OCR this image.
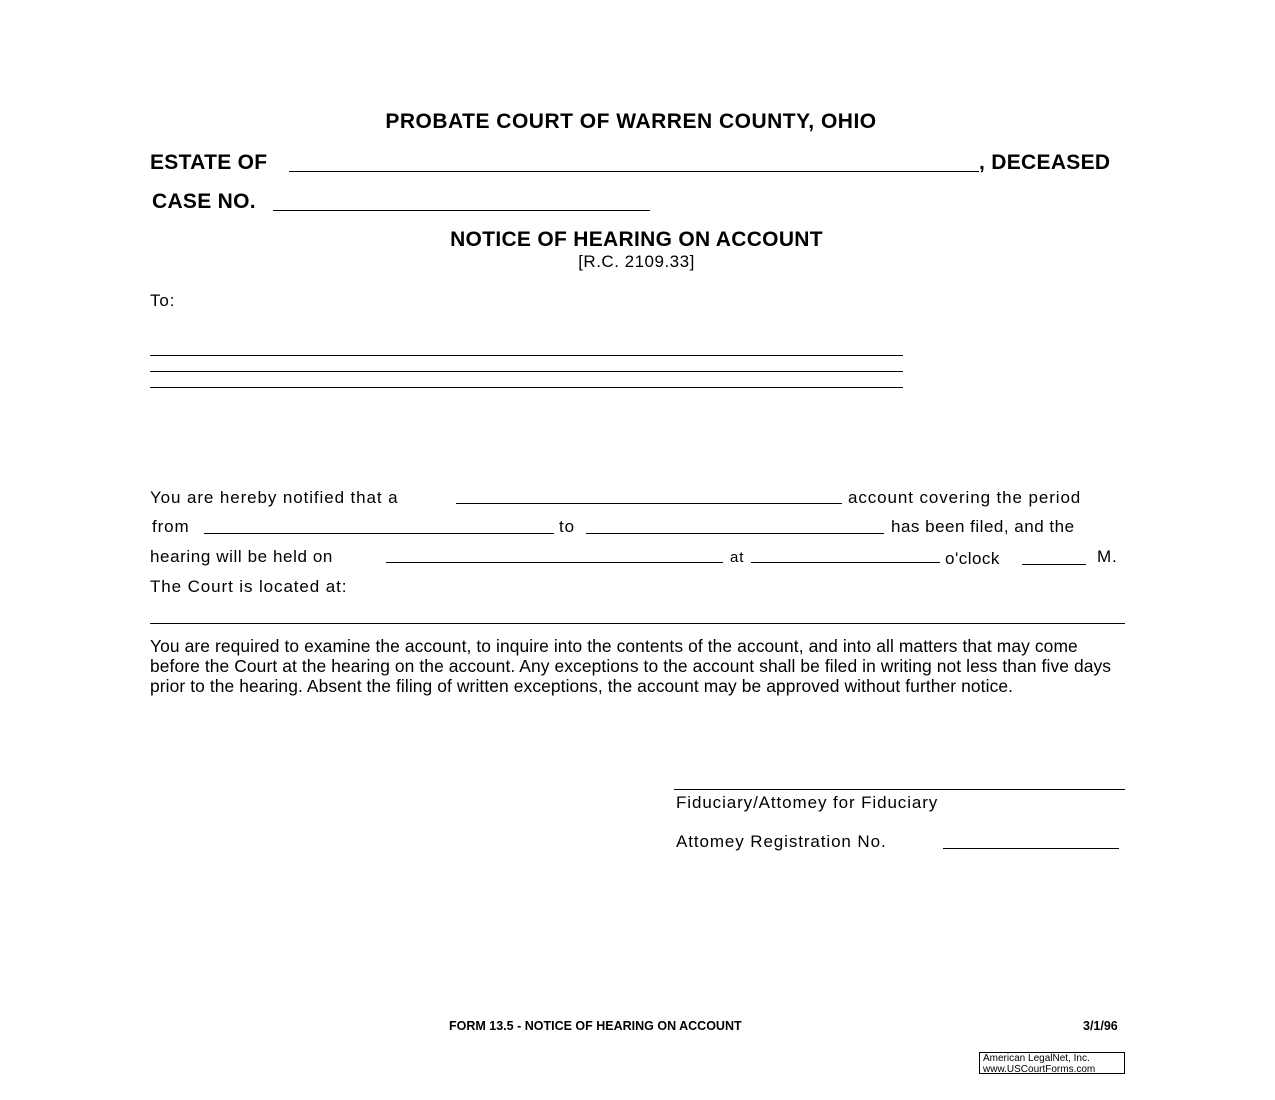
PROBATE COURT OF WARREN COUNTY, OHIO
ESTATE OF	, DECEASED
CASE NO.
NOTICE OF HEARING ON ACCOUNT
[R.C. 2109.33]
To:
You are hereby notified that a	account covering the period
from	to	has been filed, and the
hearing will be held on	at	o'clock	M.
The Court is located at:
You are required to examine the account, to inquire into the contents of the account, and into all matters that may come before the Court at the hearing on the account. Any exceptions to the account shall be filed in writing not less than five days prior to the hearing. Absent the filing of written exceptions, the account may be approved without further notice.
Fiduciary/Attomey for Fiduciary
Attomey Registration No.
FORM 13.5 - NOTICE OF HEARING ON ACCOUNT	3/1/96
American LegalNet, Inc.
www.USCourtForms.com
